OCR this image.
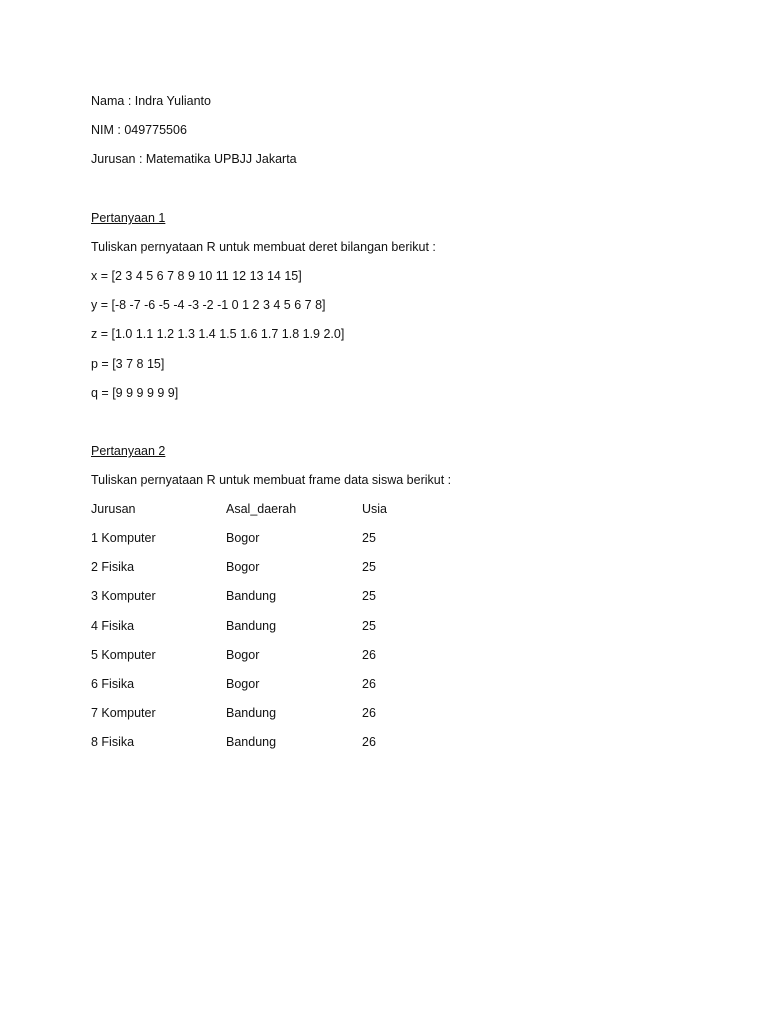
Nama : Indra Yulianto
NIM : 049775506
Jurusan : Matematika UPBJJ Jakarta
Pertanyaan 1
Tuliskan pernyataan R untuk membuat deret bilangan berikut :
x = [2 3 4 5 6 7 8 9 10 11 12 13 14 15]
y = [-8 -7 -6 -5 -4 -3 -2 -1 0 1 2 3 4 5 6 7 8]
z = [1.0 1.1 1.2 1.3 1.4 1.5 1.6 1.7 1.8 1.9 2.0]
p = [3 7 8 15]
q = [9 9 9 9 9 9]
Pertanyaan 2
Tuliskan pernyataan R untuk membuat frame data siswa berikut :
Jurusan	Asal_daerah	Usia
1 Komputer	Bogor	25
2 Fisika	Bogor	25
3 Komputer	Bandung	25
4 Fisika	Bandung	25
5 Komputer	Bogor	26
6 Fisika	Bogor	26
7 Komputer	Bandung	26
8 Fisika	Bandung	26
